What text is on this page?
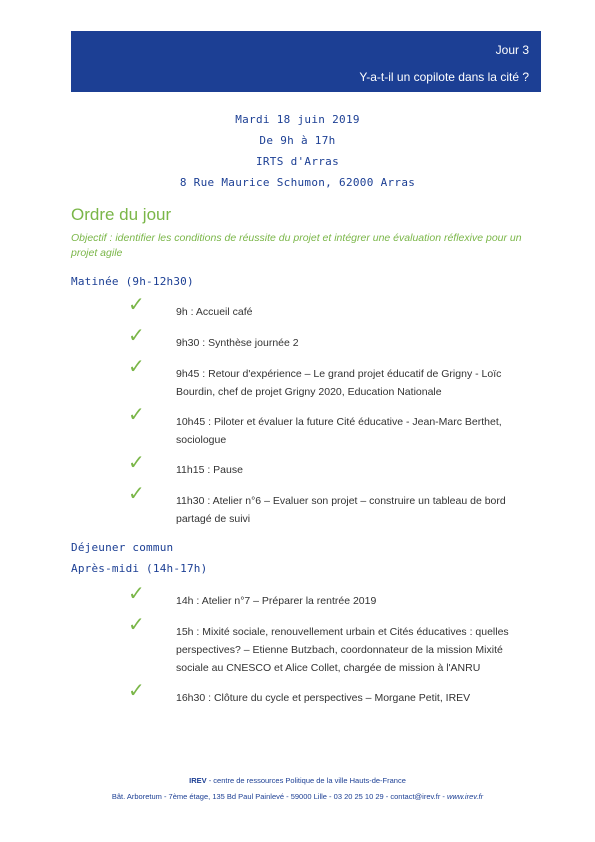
Jour 3
Y-a-t-il un copilote dans la cité ?
Mardi 18 juin 2019
De 9h à 17h
IRTS d'Arras
8 Rue Maurice Schumon, 62000 Arras
Ordre du jour
Objectif : identifier les conditions de réussite du projet et intégrer une évaluation réflexive pour un projet agile
Matinée (9h-12h30)
✓	9h : Accueil café
✓	9h30 : Synthèse journée 2
✓	9h45 : Retour d'expérience – Le grand projet éducatif de Grigny - Loïc Bourdin, chef de projet Grigny 2020, Education Nationale
✓	10h45 : Piloter et évaluer la future Cité éducative - Jean-Marc Berthet, sociologue
✓	11h15 : Pause
✓	11h30 : Atelier n°6 – Evaluer son projet – construire un tableau de bord partagé de suivi
Déjeuner commun
Après-midi (14h-17h)
✓	14h : Atelier n°7 – Préparer la rentrée 2019
✓	15h : Mixité sociale, renouvellement urbain et Cités éducatives : quelles perspectives? – Etienne Butzbach, coordonnateur de la mission Mixité sociale au CNESCO et Alice Collet, chargée de mission à l'ANRU
✓	16h30 : Clôture du cycle et perspectives – Morgane Petit, IREV
IREV - centre de ressources Politique de la ville Hauts-de-France
Bât. Arboretum - 7ème étage, 135 Bd Paul Painlevé - 59000 Lille - 03 20 25 10 29 - contact@irev.fr - www.irev.fr
